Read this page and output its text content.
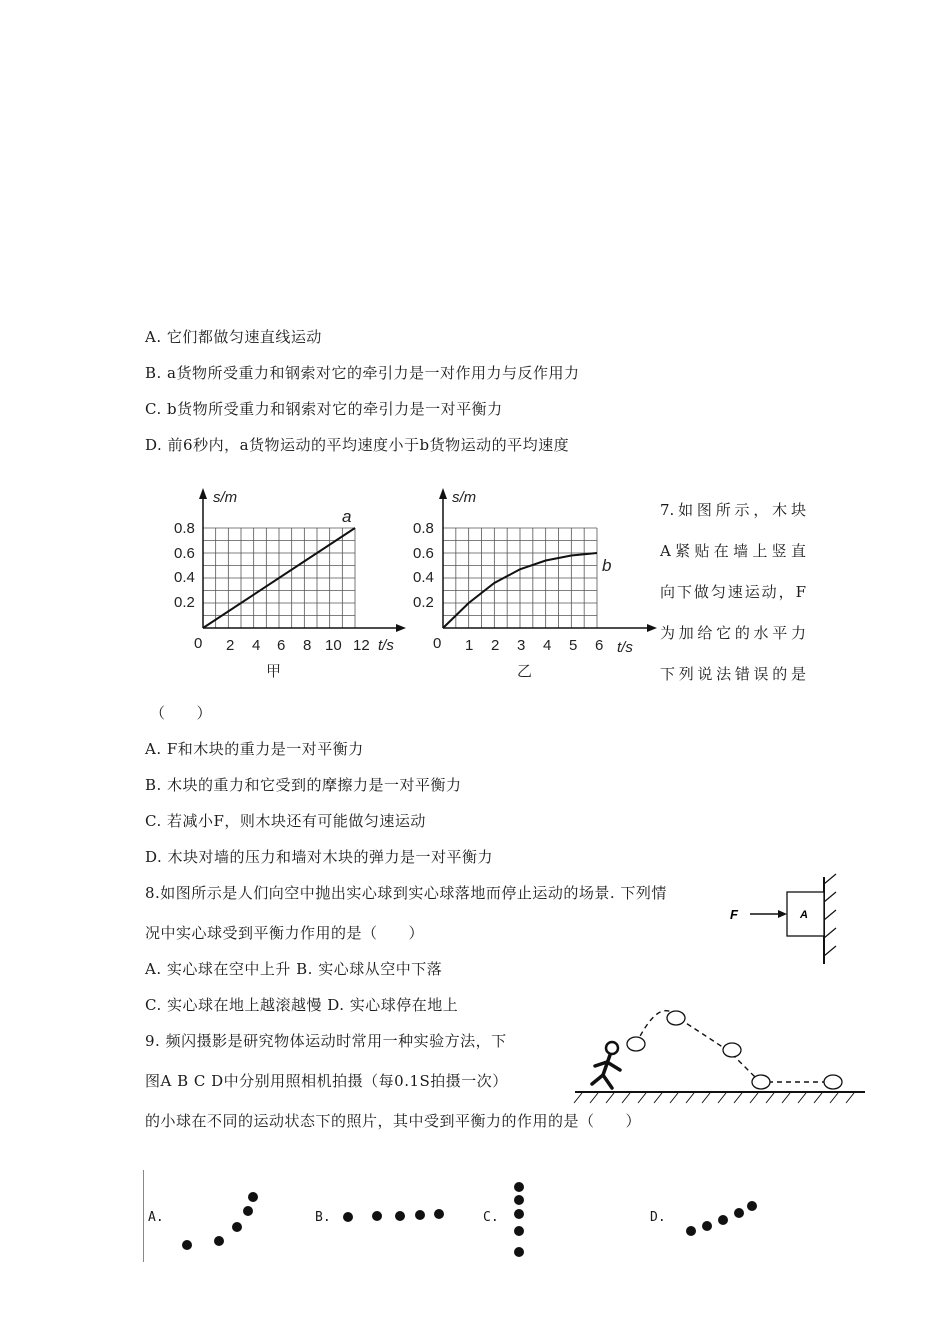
A. 它们都做匀速直线运动
B. a货物所受重力和钢索对它的牵引力是一对作用力与反作用力
C. b货物所受重力和钢索对它的牵引力是一对平衡力
D. 前6秒内，a货物运动的平均速度小于b货物运动的平均速度
s/m
a
t/s
0
0.8
0.6
0.4
0.2
2 4 6 8 10 12
甲
s/m
b
t/s
0
0.8
0.6
0.4
0.2
1 2 3 4 5 6
乙
7.如图所示，木块
A紧贴在墙上竖直
向下做匀速运动，F
为加给它的水平力
下列说法错误的是
（　　）
A. F和木块的重力是一对平衡力
B. 木块的重力和它受到的摩擦力是一对平衡力
C. 若减小F，则木块还有可能做匀速运动
D. 木块对墙的压力和墙对木块的弹力是一对平衡力
8.如图所示是人们向空中抛出实心球到实心球落地而停止运动的场景. 下列情
况中实心球受到平衡力作用的是（　　）
A. 实心球在空中上升 B. 实心球从空中下落
C. 实心球在地上越滚越慢 D. 实心球停在地上
A
F
9. 频闪摄影是研究物体运动时常用一种实验方法，下
图A B C D中分别用照相机拍摄（每0.1S拍摄一次）
的小球在不同的运动状态下的照片，其中受到平衡力的作用的是（　　）
A.	B.	C.	D.
